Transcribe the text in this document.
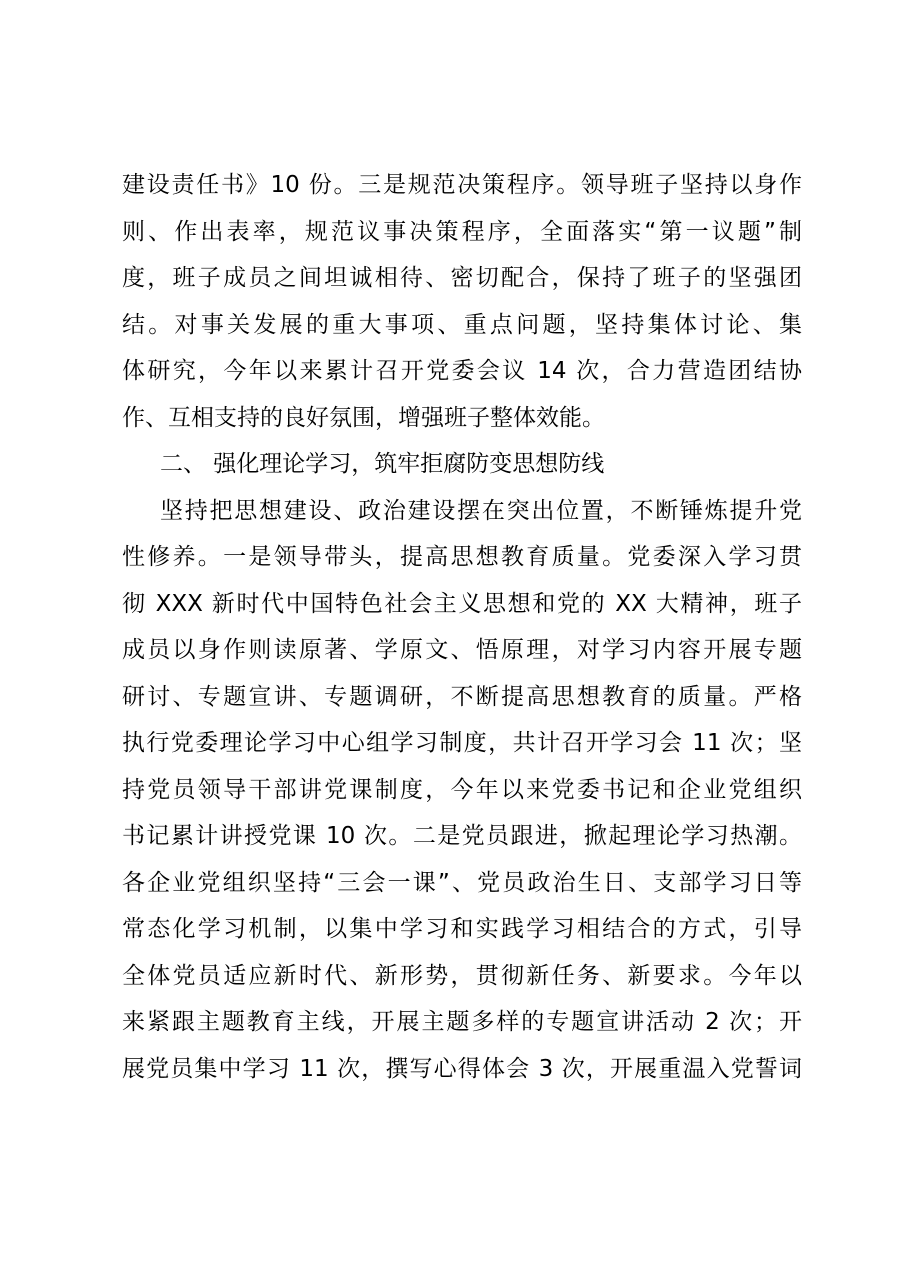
建设责任书》10 份。三是规范决策程序。领导班子坚持以身作
则、作出表率，规范议事决策程序，全面落实“第一议题”制
度，班子成员之间坦诚相待、密切配合，保持了班子的坚强团
结。对事关发展的重大事项、重点问题，坚持集体讨论、集
体研究，今年以来累计召开党委会议 14 次，合力营造团结协
作、互相支持的良好氛围，增强班子整体效能。
二、 强化理论学习，筑牢拒腐防变思想防线
坚持把思想建设、政治建设摆在突出位置，不断锤炼提升党
性修养。一是领导带头，提高思想教育质量。党委深入学习贯
彻 XXX 新时代中国特色社会主义思想和党的 XX 大精神，班子
成员以身作则读原著、学原文、悟原理，对学习内容开展专题
研讨、专题宣讲、专题调研，不断提高思想教育的质量。严格
执行党委理论学习中心组学习制度，共计召开学习会 11 次；坚
持党员领导干部讲党课制度，今年以来党委书记和企业党组织
书记累计讲授党课 10 次。二是党员跟进，掀起理论学习热潮。
各企业党组织坚持“三会一课”、党员政治生日、支部学习日等
常态化学习机制，以集中学习和实践学习相结合的方式，引导
全体党员适应新时代、新形势，贯彻新任务、新要求。今年以
来紧跟主题教育主线，开展主题多样的专题宣讲活动 2 次；开
展党员集中学习 11 次，撰写心得体会 3 次，开展重温入党誓词
